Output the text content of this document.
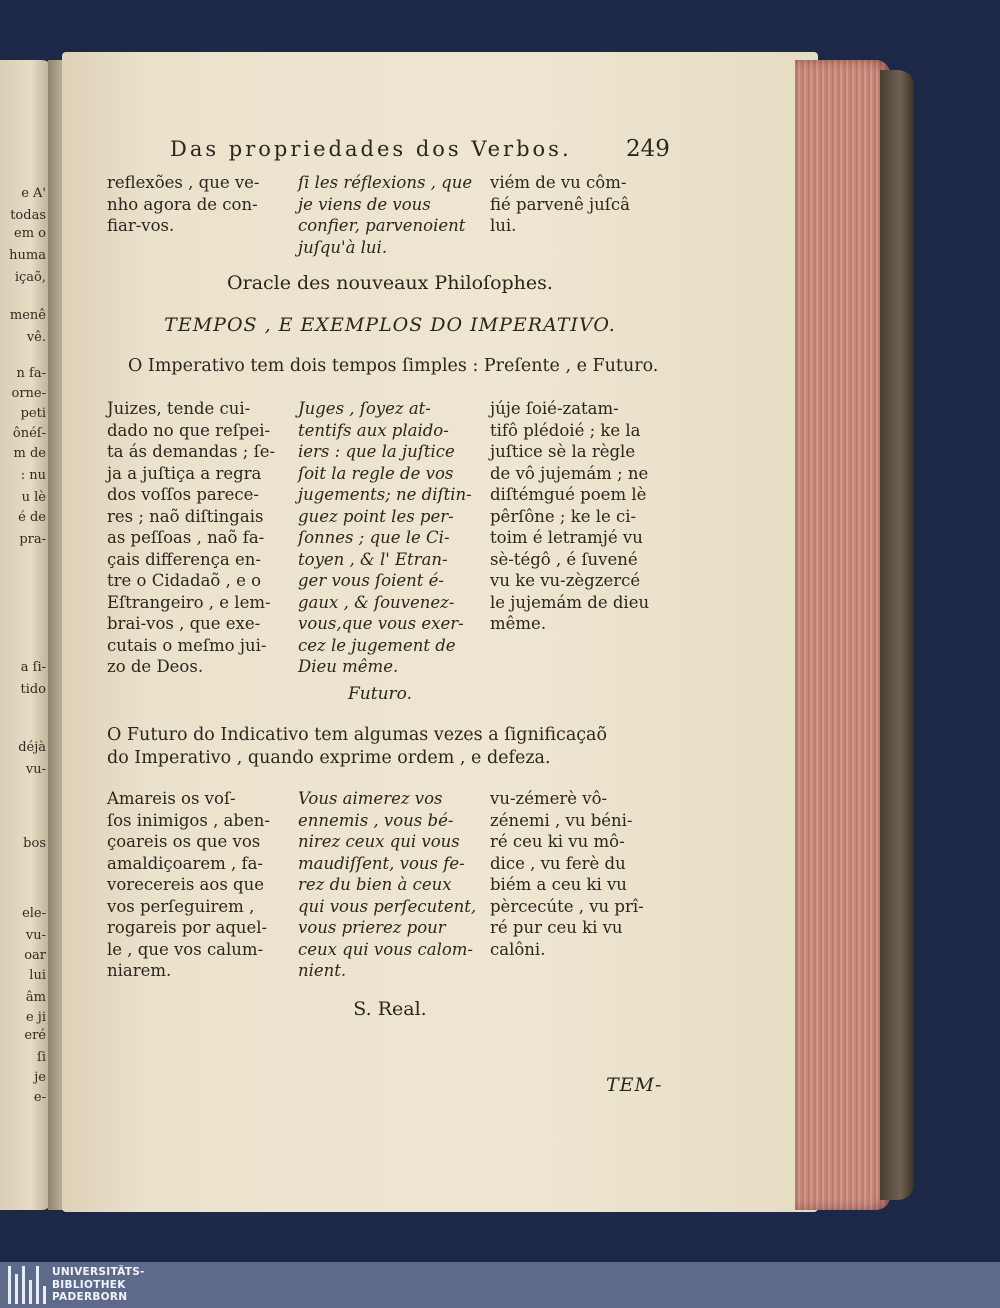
e A'
todas
em o
huma
içaõ,
menê
vê.
n fa-
orne-
peti
ônéſ-
m de
: nu
u lè
é de
pra-
a ſi-
tido
déjà
vu-
bos
ele-
vu-
oar
lui
âm
e ji
eré
ſi
je
e-
Das propriedades dos Verbos. 249
reflexões , que ve-
nho agora de con-
fiar-vos.
ſi les réflexions , que
je viens de vous
confier, parvenoient
juſqu'à lui.
viém de vu côm-
fié parvenê juſcâ
lui.
Oracle des nouveaux Philoſophes.
TEMPOS , E EXEMPLOS DO IMPERATIVO.
O Imperativo tem dois tempos ſimples : Preſente , e Futuro.
Juizes, tende cui-
dado no que reſpei-
ta ás demandas ; ſe-
ja a juſtiça a regra
dos voſſos parece-
res ; naõ diſtingais
as peſſoas , naõ fa-
çais differença en-
tre o Cidadaõ , e o
Eſtrangeiro , e lem-
brai-vos , que exe-
cutais o meſmo jui-
zo de Deos.
Juges , ſoyez at-
tentifs aux plaido-
iers : que la juſtice
ſoit la regle de vos
jugements; ne diſtin-
guez point les per-
ſonnes ; que le Ci-
toyen , & l' Etran-
ger vous ſoient é-
gaux , & ſouvenez-
vous,que vous exer-
cez le jugement de
Dieu même.
júje ſoié-zatam-
tifô plédoié ; ke la
juſtice sè la règle
de vô jujemám ; ne
diſtémgué poem lè
pêrſône ; ke le ci-
toim é letramjé vu
sè-tégô , é ſuvené
vu ke vu-zègzercé
le jujemám de dieu
même.
Futuro.
O Futuro do Indicativo tem algumas vezes a ſignificaçaõ
do Imperativo , quando exprime ordem , e defeza.
Amareis os voſ-
ſos inimigos , aben-
çoareis os que vos
amaldiçoarem , fa-
vorecereis aos que
vos perſeguirem ,
rogareis por aquel-
le , que vos calum-
niarem.
Vous aimerez vos
ennemis , vous bé-
nirez ceux qui vous
maudiſſent, vous fe-
rez du bien à ceux
qui vous perſecutent,
vous prierez pour
ceux qui vous calom-
nient.
vu-zémerè vô-
zénemi , vu béni-
ré ceu ki vu mô-
dice , vu ferè du
biém a ceu ki vu
pèrcecúte , vu prî-
ré pur ceu ki vu
calôni.
S. Real.
TEM-
UNIVERSITÄTS-
BIBLIOTHEK
PADERBORN
